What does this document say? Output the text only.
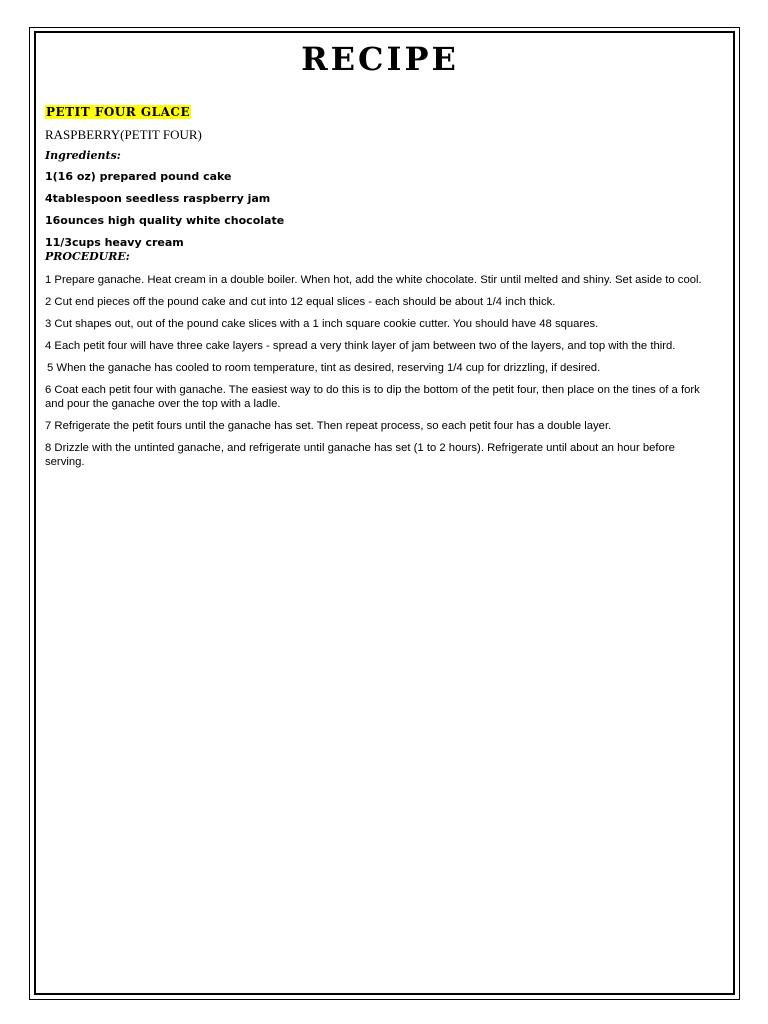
RECIPE
PETIT FOUR GLACE
RASPBERRY(PETIT FOUR)
Ingredients:
1(16 oz) prepared pound cake
4tablespoon seedless raspberry jam
16ounces high quality white chocolate
11/3cups heavy cream
PROCEDURE:
1 Prepare ganache. Heat cream in a double boiler. When hot, add the white chocolate. Stir until melted and shiny. Set aside to cool.
2 Cut end pieces off the pound cake and cut into 12 equal slices - each should be about 1/4 inch thick.
3 Cut shapes out, out of the pound cake slices with a 1 inch square cookie cutter. You should have 48 squares.
4 Each petit four will have three cake layers - spread a very think layer of jam between two of the layers, and top with the third.
5 When the ganache has cooled to room temperature, tint as desired, reserving 1/4 cup for drizzling, if desired.
6 Coat each petit four with ganache. The easiest way to do this is to dip the bottom of the petit four, then place on the tines of a fork and pour the ganache over the top with a ladle.
7 Refrigerate the petit fours until the ganache has set. Then repeat process, so each petit four has a double layer.
8 Drizzle with the untinted ganache, and refrigerate until ganache has set (1 to 2 hours). Refrigerate until about an hour before serving.
